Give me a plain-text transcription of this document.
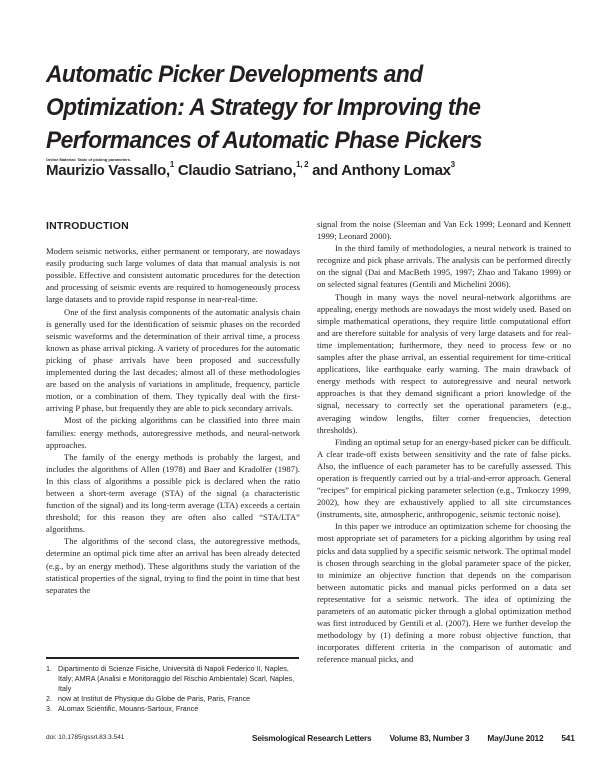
Automatic Picker Developments and
Optimization: A Strategy for Improving the
Performances of Automatic Phase Pickers
Online Material: Table of picking parameters.
Maurizio Vassallo,$^1$ Claudio Satriano,$^{1, 2}$ and Anthony Lomax$^3$
INTRODUCTION

Modern seismic networks, either permanent or temporary, are nowadays easily producing such large volumes of data that manual analysis is not possible. Effective and consistent automatic procedures for the detection and processing of seismic events are required to homogeneously process large datasets and to provide rapid response in near-real-time.

One of the first analysis components of the automatic analysis chain is generally used for the identification of seismic phases on the recorded seismic waveforms and the determination of their arrival time, a process known as phase arrival picking. A variety of procedures for the automatic picking of phase arrivals have been proposed and successfully implemented during the last decades; almost all of these methodologies are based on the analysis of variations in amplitude, frequency, particle motion, or a combination of them. They typically deal with the first-arriving P phase, but frequently they are able to pick secondary arrivals.

Most of the picking algorithms can be classified into three main families: energy methods, autoregressive methods, and neural-network approaches.

The family of the energy methods is probably the largest, and includes the algorithms of Allen (1978) and Baer and Kradolfer (1987). In this class of algorithms a possible pick is declared when the ratio between a short-term average (STA) of the signal (a characteristic function of the signal) and its long-term average (LTA) exceeds a certain threshold; for this reason they are often also called “STA/LTA” algorithms.

The algorithms of the second class, the autoregressive methods, determine an optimal pick time after an arrival has been already detected (e.g., by an energy method). These algorithms study the variation of the statistical properties of the signal, trying to find the point in time that best separates the

signal from the noise (Sleeman and Van Eck 1999; Leonard and Kennett 1999; Leonard 2000).

In the third family of methodologies, a neural network is trained to recognize and pick phase arrivals. The analysis can be performed directly on the signal (Dai and MacBeth 1995, 1997; Zhao and Takano 1999) or on selected signal features (Gentili and Michelini 2006).

Though in many ways the novel neural-network algorithms are appealing, energy methods are nowadays the most widely used. Based on simple mathematical operations, they require little computational effort and are therefore suitable for analysis of very large datasets and for real-time implementation; furthermore, they need to process few or no samples after the phase arrival, an essential requirement for time-critical applications, like earthquake early warning. The main drawback of energy methods with respect to autoregressive and neural network approaches is that they demand significant a priori knowledge of the signal, necessary to correctly set the operational parameters (e.g., averaging window lengths, filter corner frequencies, detection thresholds).

Finding an optimal setup for an energy-based picker can be difficult. A clear trade-off exists between sensitivity and the rate of false picks. Also, the influence of each parameter has to be carefully assessed. This operation is frequently carried out by a trial-and-error approach. General “recipes” for empirical picking parameter selection (e.g., Trnkoczy 1999, 2002), how they are exhaustively applied to all site circumstances (instruments, site, atmospheric, anthropogenic, seismic tectonic noise).

In this paper we introduce an optimization scheme for choosing the most appropriate set of parameters for a picking algorithm by using real picks and data supplied by a specific seismic network. The optimal model is chosen through searching in the global parameter space of the picker, to minimize an objective function that depends on the comparison between automatic picks and manual picks performed on a data set representative for a seismic network. The idea of optimizing the parameters of an automatic picker through a global optimization method was first introduced by Gentili et al. (2007). Here we further develop the methodology by (1) defining a more robust objective function, that incorporates different criteria in the comparison of automatic and reference manual picks, and

1. Dipartimento di Scienze Fisiche, Università di Napoli Federico II, Naples, Italy; AMRA (Analisi e Monitoraggio del Rischio Ambientale) Scarl, Naples, Italy
2. now at Institut de Physique du Globe de Paris, Paris, France
3. ALomax Scientific, Mouans-Sartoux, France
doi: 10.1785/gssrl.83.3.541	Seismological Research Letters Volume 83, Number 3 May/June 2012 541
